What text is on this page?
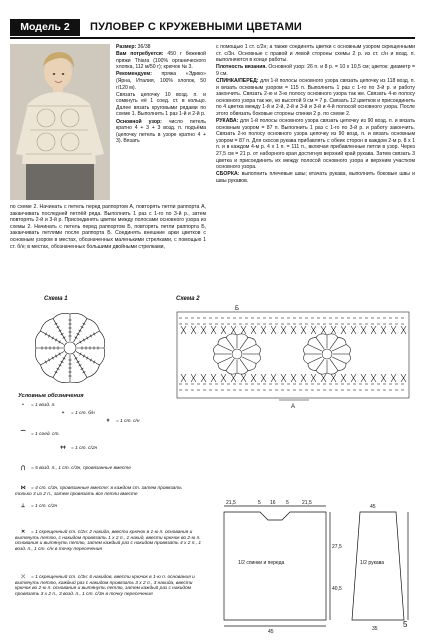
Модель 2	ПУЛОВЕР С КРУЖЕВНЫМИ ЦВЕТАМИ

Размер: 36/38

Вам потребуется: 450 г бежевой пряжи Thiara (100% органического хлопка, 112 м/50 г); крючок № 3.

Рекомендуем: пряжа «Эдико» (Ярна, Италия, 100% хлопок, 50 г/120 м).

Связать цепочку 10 возд. п. и сомкнуть её 1 соед. ст. в кольцо. Далее вязать круговыми рядами по схеме 1. Выполнить 1 раз 1-й и 2-й р.

Основной узор: число петель кратно 4 + 3 + 3 возд. п. подъёма (цепочку петель в узоре кратно 4 + 3). Вязать

по схеме 2. Начинать с петель перед раппортом А, повторять петли раппорта А, заканчивать последней петлёй ряда. Выполнить 1 раз с 1-го по 3-й р., затем повторять 2-й и 3-й р. Присоединять цветки между полосами основного узора из схемы 2. Начинать с петель перед раппортом Б, повторять петли раппорта Б, заканчивать петлями после раппорта Б. Соединять внешние арки цветков с основным узором в местах, обозначенных маленькими стрелками, с помощью 1 ст. б/н; в местах, обозначенных большими двойными стрелками,

с помощью 1 ст. с/2н; а также соединять цветки с основным узором скрещенными ст. с/3н. Основные с правой и левой стороны схемы 2 р. из ст. с/н и возд. п. выполняются в конце работы.

Плотность вязания. Основной узор: 26 п. и 8 р. = 10 х 10,5 см; цветок: диаметр = 9 см.

СПИНКА/ПЕРЕД: для 1-й полосы основного узора связать цепочку из 118 возд. п. и вязать основным узором = 115 п. Выполнить 1 раз с 1-го по 3-й р. и работу закончить. Связать 2-ю и 3-ю полосу основного узора так же. Связать 4-ю полосу основного узора так же, но высотой 9 см = 7 р. Связать 12 цветков и присоединить по 4 цветка между 1-й и 2-й, 2-й и 3-й и 3-й и 4-й полосой основного узора. После этого обвязать боковые стороны спинки 2 р. по схеме 2.

РУКАВА: для 1-й полосы основного узора связать цепочку из 90 возд. п. и вязать основным узором = 87 п. Выполнить 1 раз с 1-го по 3-й р. и работу закончить. Связать 2-ю полосу основного узора цепочку из 90 возд. п. и вязать основным узором = 87 п. Для скосов рукава прибавлять с обеих сторон в каждом 2-м р. 8 х 1 п. и в каждом 4-м р. 4 х 1 п. = 111 п., включая прибавленные петли в узор. Через 27,5 см = 21 р. от наборного края достигнув верхний край рукава. Затем связать 3 цветка и присоединить их между полосой основного узора и верхним участком основного узора.

СБОРКА: выполнить плечевые швы; втачать рукава, выполнить боковые швы и швы рукавов.

Схема 1	Схема 2
А
Б
Условные обозначения
• = 1 возд. п.
+ = 1 ст. б/н
ǂ = 1 ст. с/н
⁀ = 1 соед. ст.
ǂǂ = 1 ст. с/2н
⋂ = 5 возд. п., 1 ст. с/3н, провязанные вместе
⋈ = 4 ст. с/3н, провязанные вместе: в каждом ст. затем провязать только 3 из 2 п., затем провязать все петли вместе
⟂ = 1 ст. с/2н
✕ = 1 скрещенный ст. с/2н: 2 накида, ввести крючок в 1-ю п. основания и вытянуть петлю, с накидом провязать 1 х 2 п., 1 накид, ввести крючок во 2-ю п. основания и вытянуть петлю, затем каждый раз с накидом провязать 4 х 2 п., 1 возд. п., 1 ст. с/н в точку пересечения
⤫ = 1 скрещенный ст. с/3н: 6 накидов, ввести крючок в 1-ю п. основания и вытянуть петлю, каждый раз с накидом провязать 3 х 2 п., 3 накида, ввести крючок во 2-ю п. основания и вытянуть петлю, затем каждый раз с накидом провязать 3 х 2 п., 3 возд. п., 1 ст. с/3н в точку пересечения
21,5	5 16 5	21,5
27,5
40,5
45
45
35
1/2 спинки и переда	1/2 рукава
5
